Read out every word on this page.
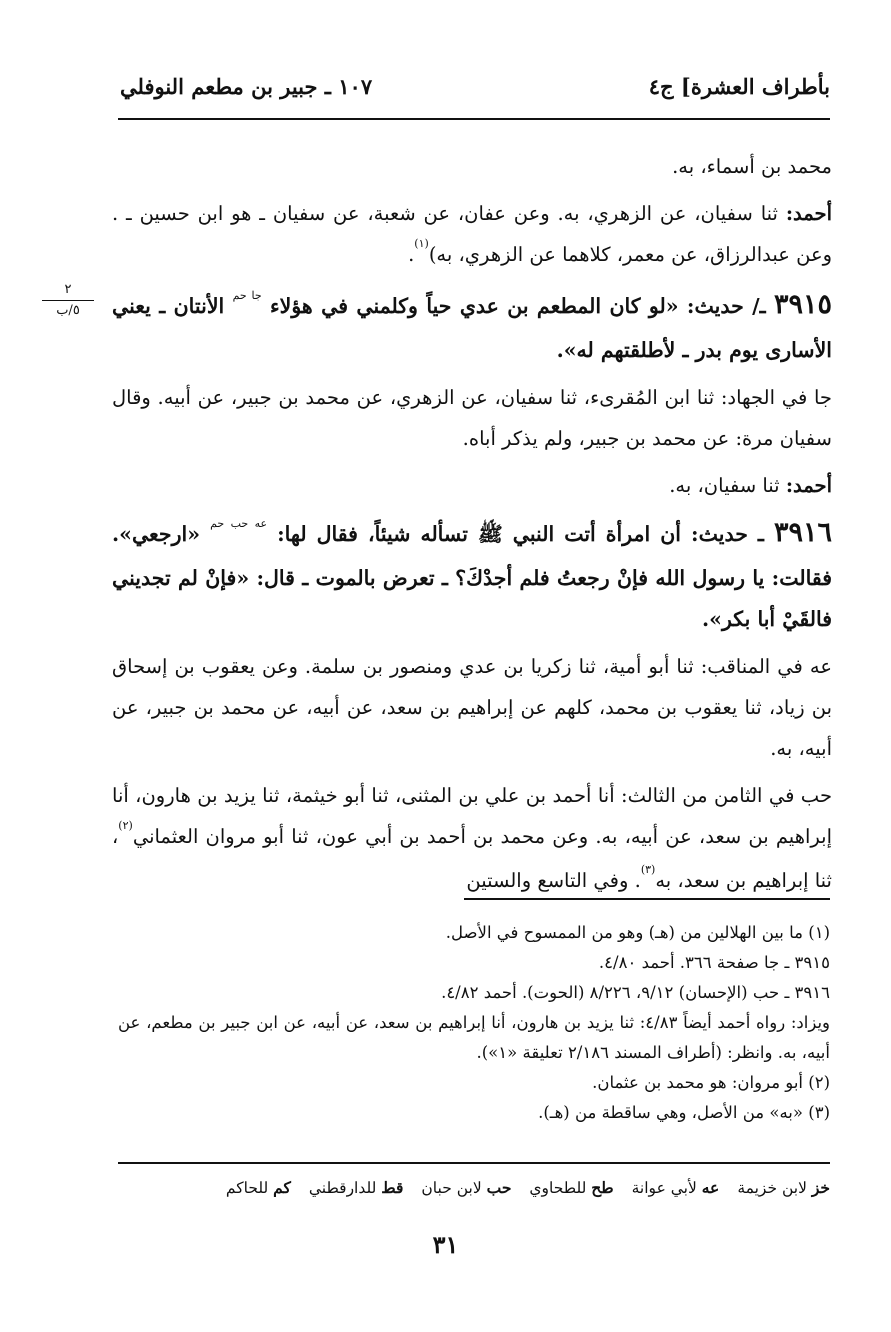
بأطراف العشرة] ج٤
١٠٧ ـ جبير بن مطعم النوفلي
٢
٥/ب

محمد بن أسماء، به.

أحمد: ثنا سفيان، عن الزهري، به. وعن عفان، عن شعبة، عن سفيان ـ هو ابن حسين ـ . وعن عبدالرزاق، عن معمر، كلاهما عن الزهري، به)$^{(١)}$.

٣٩١٥ ـ/ حديث: «لو كان المطعم بن عدي حياً وكلمني في هؤلاء $^{جا حم}$ الأنتان ـ يعني الأسارى يوم بدر ـ لأطلقتهم له».

جا في الجهاد: ثنا ابن المُقرىء، ثنا سفيان، عن الزهري، عن محمد بن جبير، عن أبيه. وقال سفيان مرة: عن محمد بن جبير، ولم يذكر أباه.

أحمد: ثنا سفيان، به.

٣٩١٦ ـ حديث: أن امرأة أتت النبي ﷺ تسأله شيئاً، فقال لها: $^{عه حب حم}$ «ارجعي». فقالت: يا رسول الله فإنْ رجعتُ فلم أجدْكَ؟ ـ تعرض بالموت ـ قال: «فإنْ لم تجديني فالقَيْ أبا بكر».

عه في المناقب: ثنا أبو أمية، ثنا زكريا بن عدي ومنصور بن سلمة. وعن يعقوب بن إسحاق بن زياد، ثنا يعقوب بن محمد، كلهم عن إبراهيم بن سعد، عن أبيه، عن محمد بن جبير، عن أبيه، به.

حب في الثامن من الثالث: أنا أحمد بن علي بن المثنى، ثنا أبو خيثمة، ثنا يزيد بن هارون، أنا إبراهيم بن سعد، عن أبيه، به. وعن محمد بن أحمد بن أبي عون، ثنا أبو مروان العثماني$^{(٢)}$، ثنا إبراهيم بن سعد، به$^{(٣)}$. وفي التاسع والستين

(١) ما بين الهلالين من (هـ) وهو من الممسوح في الأصل.

٣٩١٥ ـ جا صفحة ٣٦٦. أحمد ٤/٨٠.

٣٩١٦ ـ حب (الإحسان) ٩/١٢، ٨/٢٢٦ (الحوت). أحمد ٤/٨٢.

ويزاد: رواه أحمد أيضاً ٤/٨٣: ثنا يزيد بن هارون، أنا إبراهيم بن سعد، عن أبيه، عن ابن جبير بن مطعم، عن أبيه، به. وانظر: (أطراف المسند ٢/١٨٦ تعليقة «١»).

(٢) أبو مروان: هو محمد بن عثمان.

(٣) «به» من الأصل، وهي ساقطة من (هـ).

خز لابن خزيمة
عه لأبي عوانة
طح للطحاوي
حب لابن حبان
قط للدارقطني
كم للحاكم
٣١
